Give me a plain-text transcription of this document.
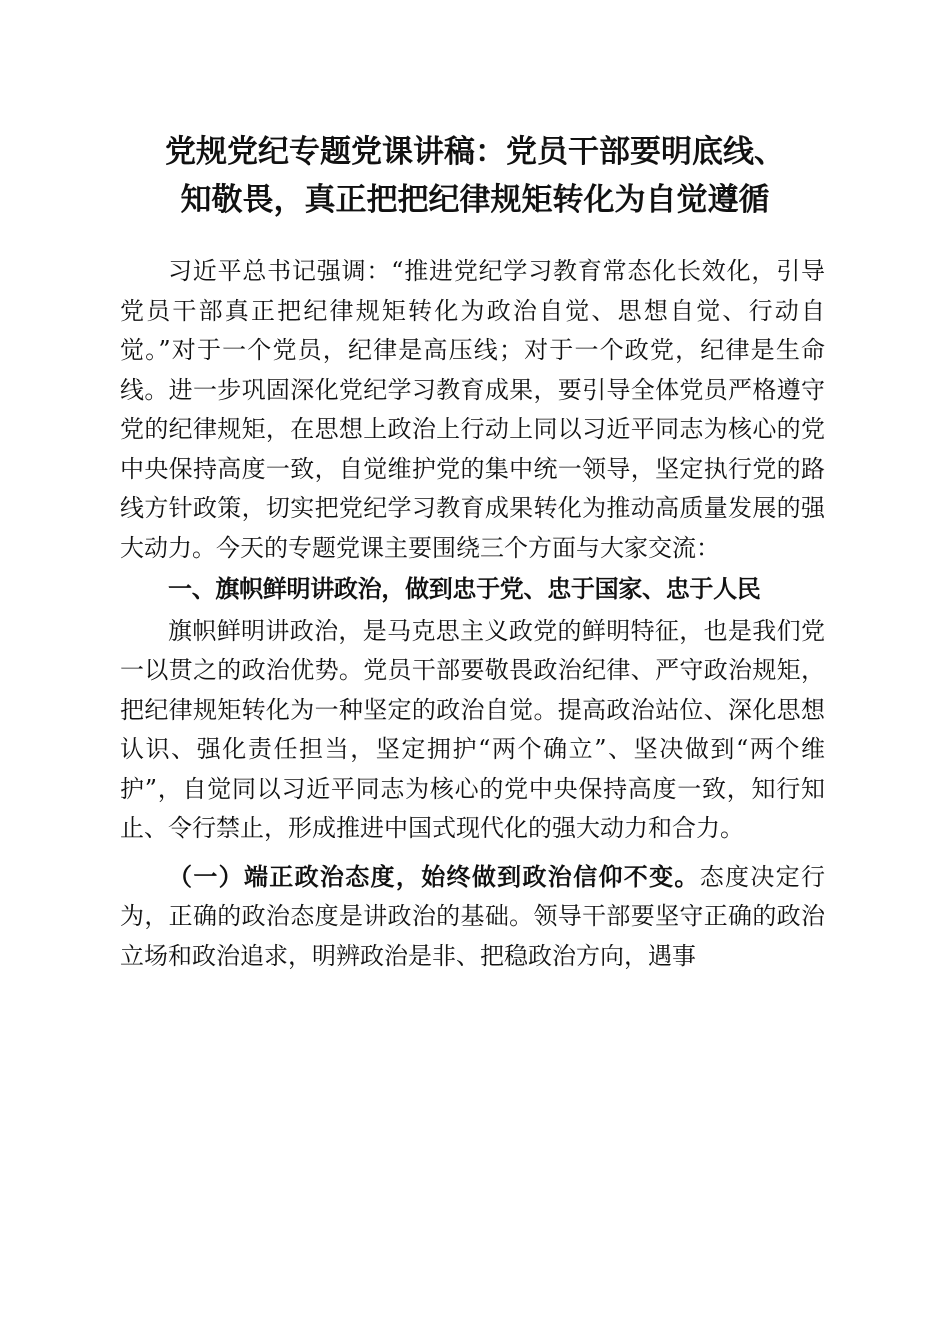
党规党纪专题党课讲稿：党员干部要明底线、
知敬畏，真正把把纪律规矩转化为自觉遵循

习近平总书记强调：“推进党纪学习教育常态化长效化，引导党员干部真正把纪律规矩转化为政治自觉、思想自觉、行动自觉。”对于一个党员，纪律是高压线；对于一个政党，纪律是生命线。进一步巩固深化党纪学习教育成果，要引导全体党员严格遵守党的纪律规矩，在思想上政治上行动上同以习近平同志为核心的党中央保持高度一致，自觉维护党的集中统一领导，坚定执行党的路线方针政策，切实把党纪学习教育成果转化为推动高质量发展的强大动力。今天的专题党课主要围绕三个方面与大家交流：

一、旗帜鲜明讲政治，做到忠于党、忠于国家、忠于人民

旗帜鲜明讲政治，是马克思主义政党的鲜明特征，也是我们党一以贯之的政治优势。党员干部要敬畏政治纪律、严守政治规矩，把纪律规矩转化为一种坚定的政治自觉。提高政治站位、深化思想认识、强化责任担当，坚定拥护“两个确立”、坚决做到“两个维护”，自觉同以习近平同志为核心的党中央保持高度一致，知行知止、令行禁止，形成推进中国式现代化的强大动力和合力。

（一）端正政治态度，始终做到政治信仰不变。态度决定行为，正确的政治态度是讲政治的基础。领导干部要坚守正确的政治立场和政治追求，明辨政治是非、把稳政治方向，遇事
